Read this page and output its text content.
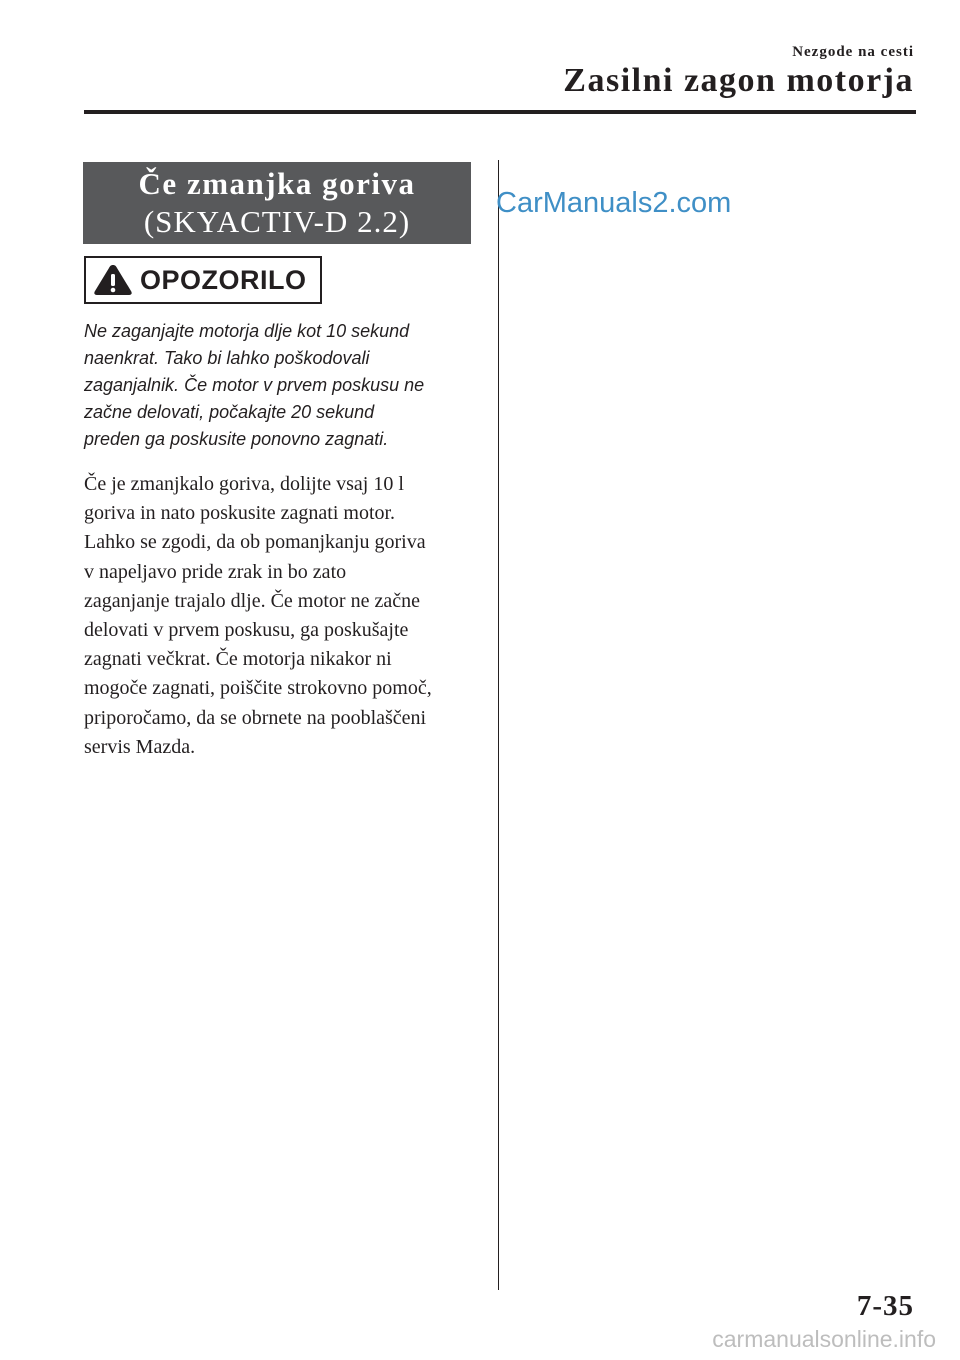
Nezgode na cesti
Zasilni zagon motorja
Če zmanjka goriva
(SKYACTIV-D 2.2)
CarManuals2.com
OPOZORILO
Ne zaganjajte motorja dlje kot 10 sekund
naenkrat. Tako bi lahko poškodovali
zaganjalnik. Če motor v prvem poskusu ne
začne delovati, počakajte 20 sekund
preden ga poskusite ponovno zagnati.
Če je zmanjkalo goriva, dolijte vsaj 10 l
goriva in nato poskusite zagnati motor.
Lahko se zgodi, da ob pomanjkanju goriva
v napeljavo pride zrak in bo zato
zaganjanje trajalo dlje. Če motor ne začne
delovati v prvem poskusu, ga poskušajte
zagnati večkrat. Če motorja nikakor ni
mogoče zagnati, poiščite strokovno pomoč,
priporočamo, da se obrnete na pooblaščeni
servis Mazda.
7-35
carmanualsonline.info
